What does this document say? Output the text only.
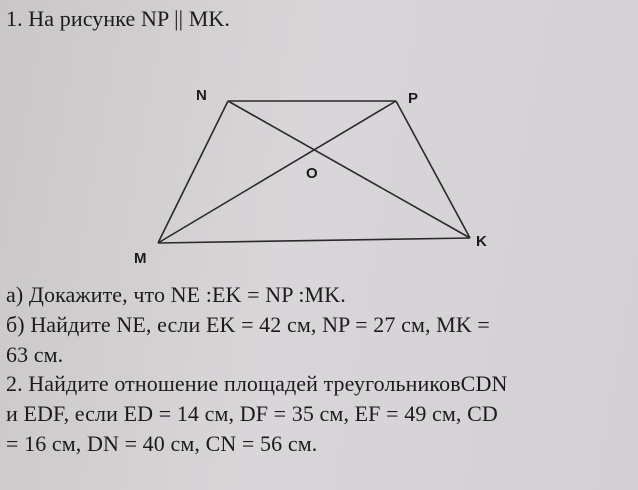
1. На рисунке NP || MK.
N	P
M
K
O
а) Докажите, что NE :EK = NP :MK.
б) Найдите NE, если EK = 42 см, NP = 27 см, MK =
63 см.
2. Найдите отношение площадей треугольниковCDN
и EDF, если ED = 14 см, DF = 35 см, EF = 49 см, CD
= 16 см, DN = 40 см, CN = 56 см.
